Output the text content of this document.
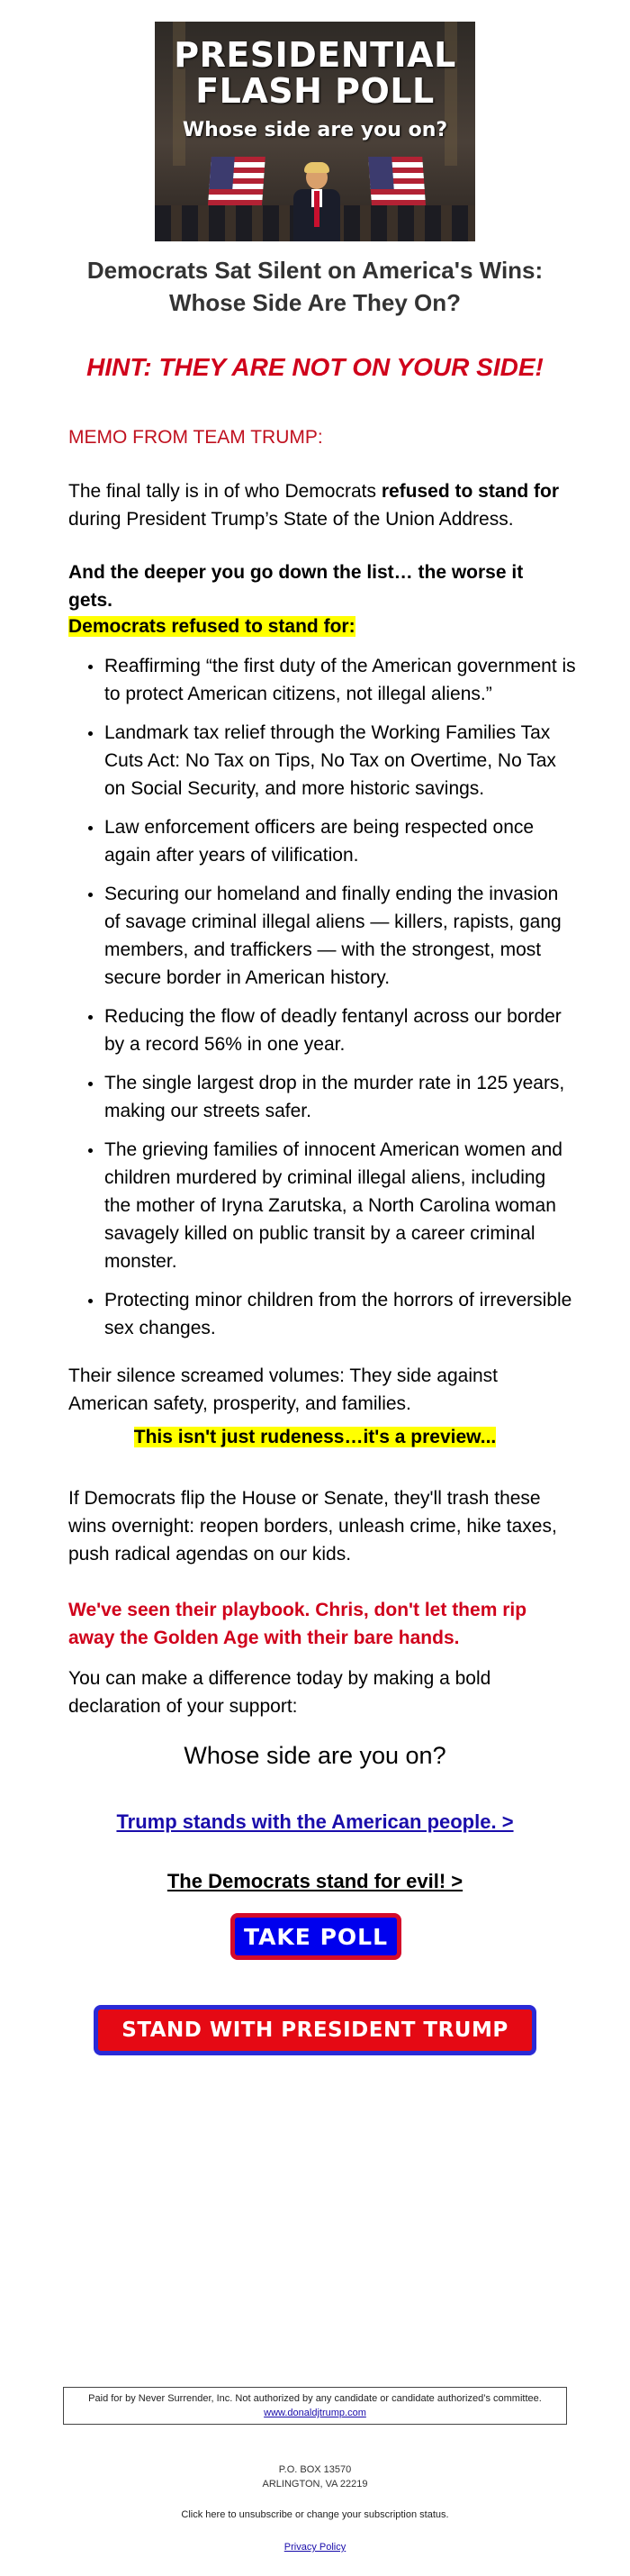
PRESIDENTIAL
FLASH POLL
Whose side are you on?
Democrats Sat Silent on America's Wins: Whose Side Are They On?
HINT: THEY ARE NOT ON YOUR SIDE!
MEMO FROM TEAM TRUMP:
The final tally is in of who Democrats refused to stand for during President Trump’s State of the Union Address.
And the deeper you go down the list… the worse it gets.
Democrats refused to stand for:
Reaffirming “the first duty of the American government is to protect American citizens, not illegal aliens.”
Landmark tax relief through the Working Families Tax Cuts Act: No Tax on Tips, No Tax on Overtime, No Tax on Social Security, and more historic savings.
Law enforcement officers are being respected once again after years of vilification.
Securing our homeland and finally ending the invasion of savage criminal illegal aliens — killers, rapists, gang members, and traffickers — with the strongest, most secure border in American history.
Reducing the flow of deadly fentanyl across our border by a record 56% in one year.
The single largest drop in the murder rate in 125 years, making our streets safer.
The grieving families of innocent American women and children murdered by criminal illegal aliens, including the mother of Iryna Zarutska, a North Carolina woman savagely killed on public transit by a career criminal monster.
Protecting minor children from the horrors of irreversible sex changes.
Their silence screamed volumes: They side against American safety, prosperity, and families.
This isn't just rudeness…it's a preview...
If Democrats flip the House or Senate, they'll trash these wins overnight: reopen borders, unleash crime, hike taxes, push radical agendas on our kids.
We've seen their playbook. Chris, don't let them rip away the Golden Age with their bare hands.
You can make a difference today by making a bold declaration of your support:
Whose side are you on?
Trump stands with the American people. >
The Democrats stand for evil! >
TAKE POLL
STAND WITH PRESIDENT TRUMP
Paid for by Never Surrender, Inc. Not authorized by any candidate or candidate authorized’s committee.
www.donaldjtrump.com
P.O. BOX 13570
ARLINGTON, VA 22219
Click here to unsubscribe or change your subscription status.
Privacy Policy
